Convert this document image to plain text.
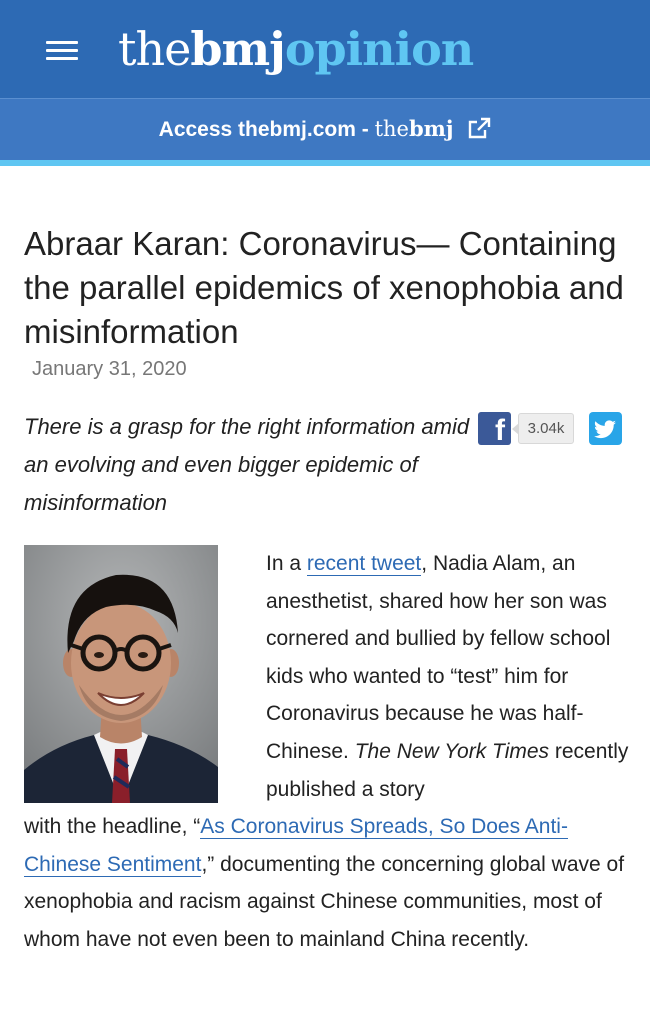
thebmjopinion
Access thebmj.com - thebmj
Abraar Karan: Coronavirus— Containing the parallel epidemics of xenophobia and misinformation
January 31, 2020
There is a grasp for the right information amid an evolving and even bigger epidemic of misinformation
f	3.04k
In a recent tweet, Nadia Alam, an anesthetist, shared how her son was cornered and bullied by fellow school kids who wanted to “test” him for Coronavirus because he was half-Chinese. The New York Times recently published a story
with the headline, “As Coronavirus Spreads, So Does Anti-Chinese Sentiment,” documenting the concerning global wave of xenophobia and racism against Chinese communities, most of whom have not even been to mainland China recently.
